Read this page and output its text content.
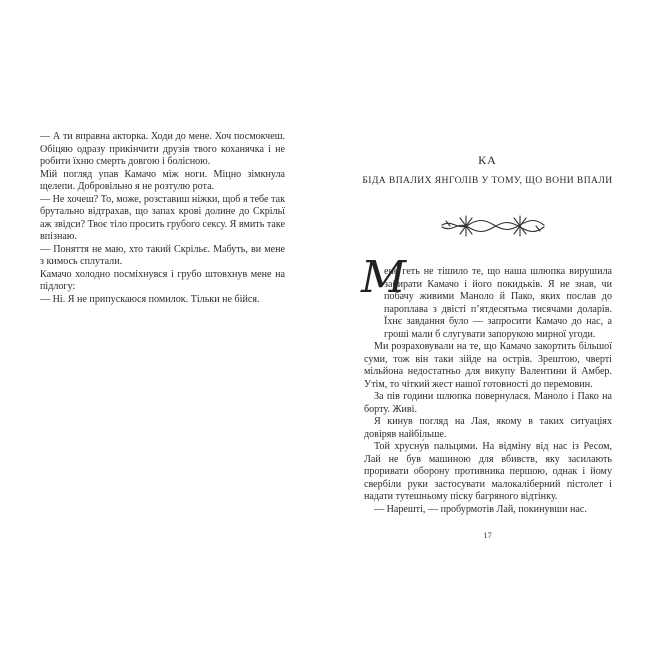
— А ти вправна акторка. Ходи до мене. Хоч посмокчеш. Обіцяю одразу прикінчити друзів твого коханячка і не робити їхню смерть довгою і болісною.

Мій погляд упав Камачо між ноги. Міцно зімкнула щелепи. Добровільно я не розтулю рота.

— Не хочеш? То, може, розставиш ніжки, щоб я тебе так брутально відтрахав, що запах крові долине до Скрільї аж звідси? Твоє тіло просить грубого сексу. Я вмить таке впізнаю.

— Поняття не маю, хто такий Скрільє. Мабуть, ви мене з кимось сплутали.

Камачо холодно посміхнувся і грубо штовхнув мене на підлогу:

— Ні. Я не припускаюся помилок. Тільки не бійся.

КА
БІДА ВПАЛИХ ЯНГОЛІВ У ТОМУ, ЩО ВОНИ ВПАЛИ
М

ене геть не тішило те, що наша шлюпка вирушила забирати Камачо і його покидьків. Я не знав, чи побачу живими Маноло й Пако, яких послав до пароплава з двісті п’ятдесятьма тисячами доларів. Їхнє завдання було — запросити Камачо до нас, а гроші мали б слугувати запорукою мирної угоди.

Ми розраховували на те, що Камачо закортить більшої суми, тож він таки зійде на острів. Зрештою, чверті мільйона недостатньо для викупу Валентини й Амбер. Утім, то чіткий жест нашої готовності до перемовин.

За пів години шлюпка повернулася. Маноло і Пако на борту. Живі.

Я кинув погляд на Лая, якому в таких ситуаціях довіряв найбільше.

Той хрусну́в пальцями. На відміну від нас із Ресом, Лай не був машиною для вбивств, яку засилають проривати оборону противника першою, однак і йому свербіли руки застосувати малокаліберний пістолет і надати тутешньому піску багряного відтінку.

— Нарешті, — пробурмотів Лай, покинувши нас.

17
